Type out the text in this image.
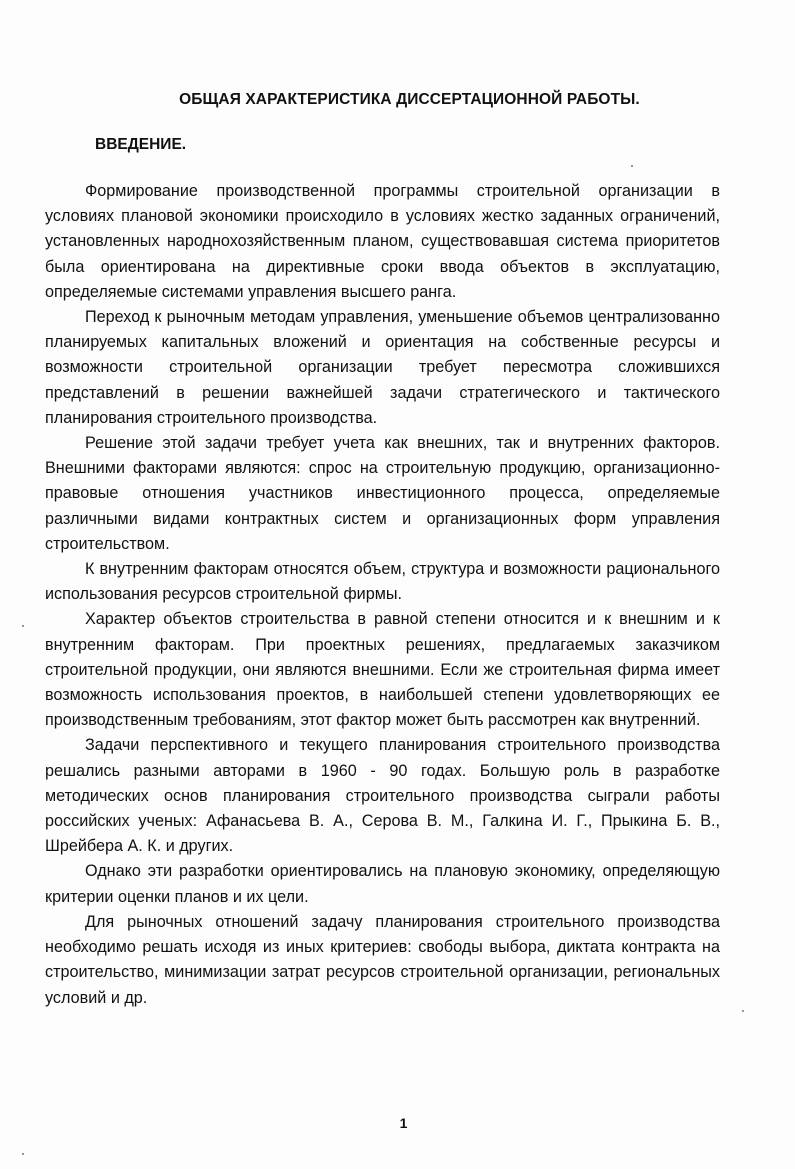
ОБЩАЯ ХАРАКТЕРИСТИКА ДИССЕРТАЦИОННОЙ РАБОТЫ.
ВВЕДЕНИЕ.

Формирование производственной программы строительной организации в условиях плановой экономики происходило в условиях жестко заданных ограничений, установленных народнохозяйственным планом, существовавшая система приоритетов была ориентирована на директивные сроки ввода объектов в эксплуатацию, определяемые системами управления высшего ранга.

Переход к рыночным методам управления, уменьшение объемов централизованно планируемых капитальных вложений и ориентация на собственные ресурсы и возможности строительной организации требует пересмотра сложившихся представлений в решении важнейшей задачи стратегического и тактического планирования строительного производства.

Решение этой задачи требует учета как внешних, так и внутренних факторов. Внешними факторами являются: спрос на строительную продукцию, организационно-правовые отношения участников инвестиционного процесса, определяемые различными видами контрактных систем и организационных форм управления строительством.

К внутренним факторам относятся объем, структура и возможности рационального использования ресурсов строительной фирмы.

Характер объектов строительства в равной степени относится и к внешним и к внутренним факторам. При проектных решениях, предлагаемых заказчиком строительной продукции, они являются внешними. Если же строительная фирма имеет возможность использования проектов, в наибольшей степени удовлетворяющих ее производственным требованиям, этот фактор может быть рассмотрен как внутренний.

Задачи перспективного и текущего планирования строительного производства решались разными авторами в 1960 - 90 годах. Большую роль в разработке методических основ планирования строительного производства сыграли работы российских ученых: Афанасьева В. А., Серова В. М., Галкина И. Г., Прыкина Б. В., Шрейбера А. К. и других.

Однако эти разработки ориентировались на плановую экономику, определяющую критерии оценки планов и их цели.

Для рыночных отношений задачу планирования строительного производства необходимо решать исходя из иных критериев: свободы выбора, диктата контракта на строительство, минимизации затрат ресурсов строительной организации, региональных условий и др.

1
